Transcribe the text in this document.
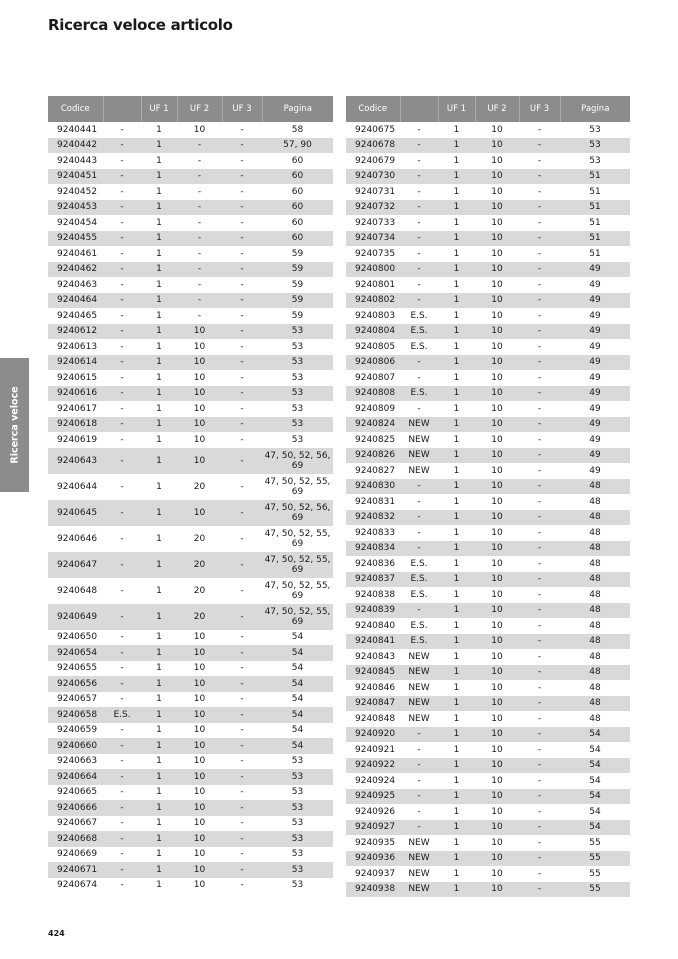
Ricerca veloce articolo
Ricerca veloce
Codice		UF 1	UF 2	UF 3	Pagina
9240441	-	1	10	-	58
9240442	-	1	-	-	57, 90
9240443	-	1	-	-	60
9240451	-	1	-	-	60
9240452	-	1	-	-	60
9240453	-	1	-	-	60
9240454	-	1	-	-	60
9240455	-	1	-	-	60
9240461	-	1	-	-	59
9240462	-	1	-	-	59
9240463	-	1	-	-	59
9240464	-	1	-	-	59
9240465	-	1	-	-	59
9240612	-	1	10	-	53
9240613	-	1	10	-	53
9240614	-	1	10	-	53
9240615	-	1	10	-	53
9240616	-	1	10	-	53
9240617	-	1	10	-	53
9240618	-	1	10	-	53
9240619	-	1	10	-	53
9240643	-	1	10	-	47, 50, 52, 56, 69
9240644	-	1	20	-	47, 50, 52, 55, 69
9240645	-	1	10	-	47, 50, 52, 56, 69
9240646	-	1	20	-	47, 50, 52, 55, 69
9240647	-	1	20	-	47, 50, 52, 55, 69
9240648	-	1	20	-	47, 50, 52, 55, 69
9240649	-	1	20	-	47, 50, 52, 55, 69
9240650	-	1	10	-	54
9240654	-	1	10	-	54
9240655	-	1	10	-	54
9240656	-	1	10	-	54
9240657	-	1	10	-	54
9240658	E.S.	1	10	-	54
9240659	-	1	10	-	54
9240660	-	1	10	-	54
9240663	-	1	10	-	53
9240664	-	1	10	-	53
9240665	-	1	10	-	53
9240666	-	1	10	-	53
9240667	-	1	10	-	53
9240668	-	1	10	-	53
9240669	-	1	10	-	53
9240671	-	1	10	-	53
9240674	-	1	10	-	53
Codice		UF 1	UF 2	UF 3	Pagina
9240675	-	1	10	-	53
9240678	-	1	10	-	53
9240679	-	1	10	-	53
9240730	-	1	10	-	51
9240731	-	1	10	-	51
9240732	-	1	10	-	51
9240733	-	1	10	-	51
9240734	-	1	10	-	51
9240735	-	1	10	-	51
9240800	-	1	10	-	49
9240801	-	1	10	-	49
9240802	-	1	10	-	49
9240803	E.S.	1	10	-	49
9240804	E.S.	1	10	-	49
9240805	E.S.	1	10	-	49
9240806	-	1	10	-	49
9240807	-	1	10	-	49
9240808	E.S.	1	10	-	49
9240809	-	1	10	-	49
9240824	NEW	1	10	-	49
9240825	NEW	1	10	-	49
9240826	NEW	1	10	-	49
9240827	NEW	1	10	-	49
9240830	-	1	10	-	48
9240831	-	1	10	-	48
9240832	-	1	10	-	48
9240833	-	1	10	-	48
9240834	-	1	10	-	48
9240836	E.S.	1	10	-	48
9240837	E.S.	1	10	-	48
9240838	E.S.	1	10	-	48
9240839	-	1	10	-	48
9240840	E.S.	1	10	-	48
9240841	E.S.	1	10	-	48
9240843	NEW	1	10	-	48
9240845	NEW	1	10	-	48
9240846	NEW	1	10	-	48
9240847	NEW	1	10	-	48
9240848	NEW	1	10	-	48
9240920	-	1	10	-	54
9240921	-	1	10	-	54
9240922	-	1	10	-	54
9240924	-	1	10	-	54
9240925	-	1	10	-	54
9240926	-	1	10	-	54
9240927	-	1	10	-	54
9240935	NEW	1	10	-	55
9240936	NEW	1	10	-	55
9240937	NEW	1	10	-	55
9240938	NEW	1	10	-	55
424
